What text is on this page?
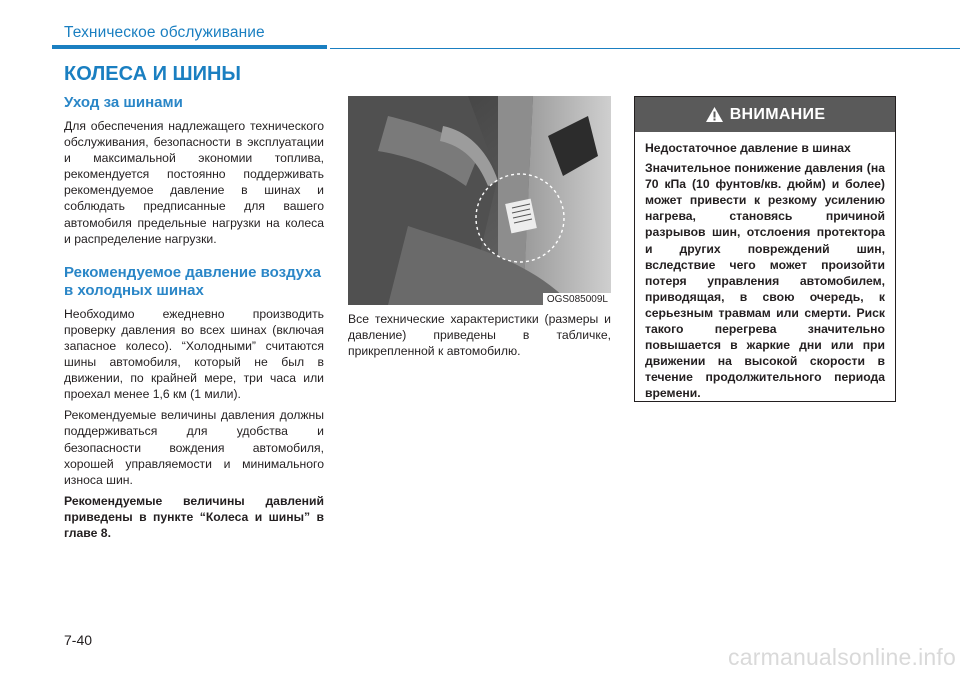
Техническое обслуживание
КОЛЕСА И ШИНЫ
Уход за шинами

Для обеспечения надлежащего технического обслуживания, безопасности в эксплуатации и максимальной экономии топлива, рекомендуется постоянно поддерживать рекомендуемое давление в шинах и соблюдать предписанные для вашего автомобиля предельные нагрузки на колеса и распределение нагрузки.

Рекомендуемое давление воздуха в холодных шинах

Необходимо ежедневно производить проверку давления во всех шинах (включая запасное колесо). “Холодными” считаются шины автомобиля, который не был в движении, по крайней мере, три часа или проехал менее 1,6 км (1 мили).

Рекомендуемые величины давления должны поддерживаться для удобства и безопасности вождения автомобиля, хорошей управляемости и минимального износа шин.

Рекомендуемые величины давлений приведены в пункте “Колеса и шины” в главе 8.

OGS085009L

Все технические характеристики (размеры и давление) приведены в табличке, прикрепленной к автомобилю.

ВНИМАНИЕ

Недостаточное давление в шинах

Значительное понижение давления (на 70 кПа (10 фунтов/кв. дюйм) и более) может привести к резкому усилению нагрева, становясь причиной разрывов шин, отслоения протектора и других повреждений шин, вследствие чего может произойти потеря управления автомобилем, приводящая, в свою очередь, к серьезным травмам или смерти. Риск такого перегрева значительно повышается в жаркие дни или при движении на высокой скорости в течение продолжительного периода времени.

7-40
carmanualsonline.info
